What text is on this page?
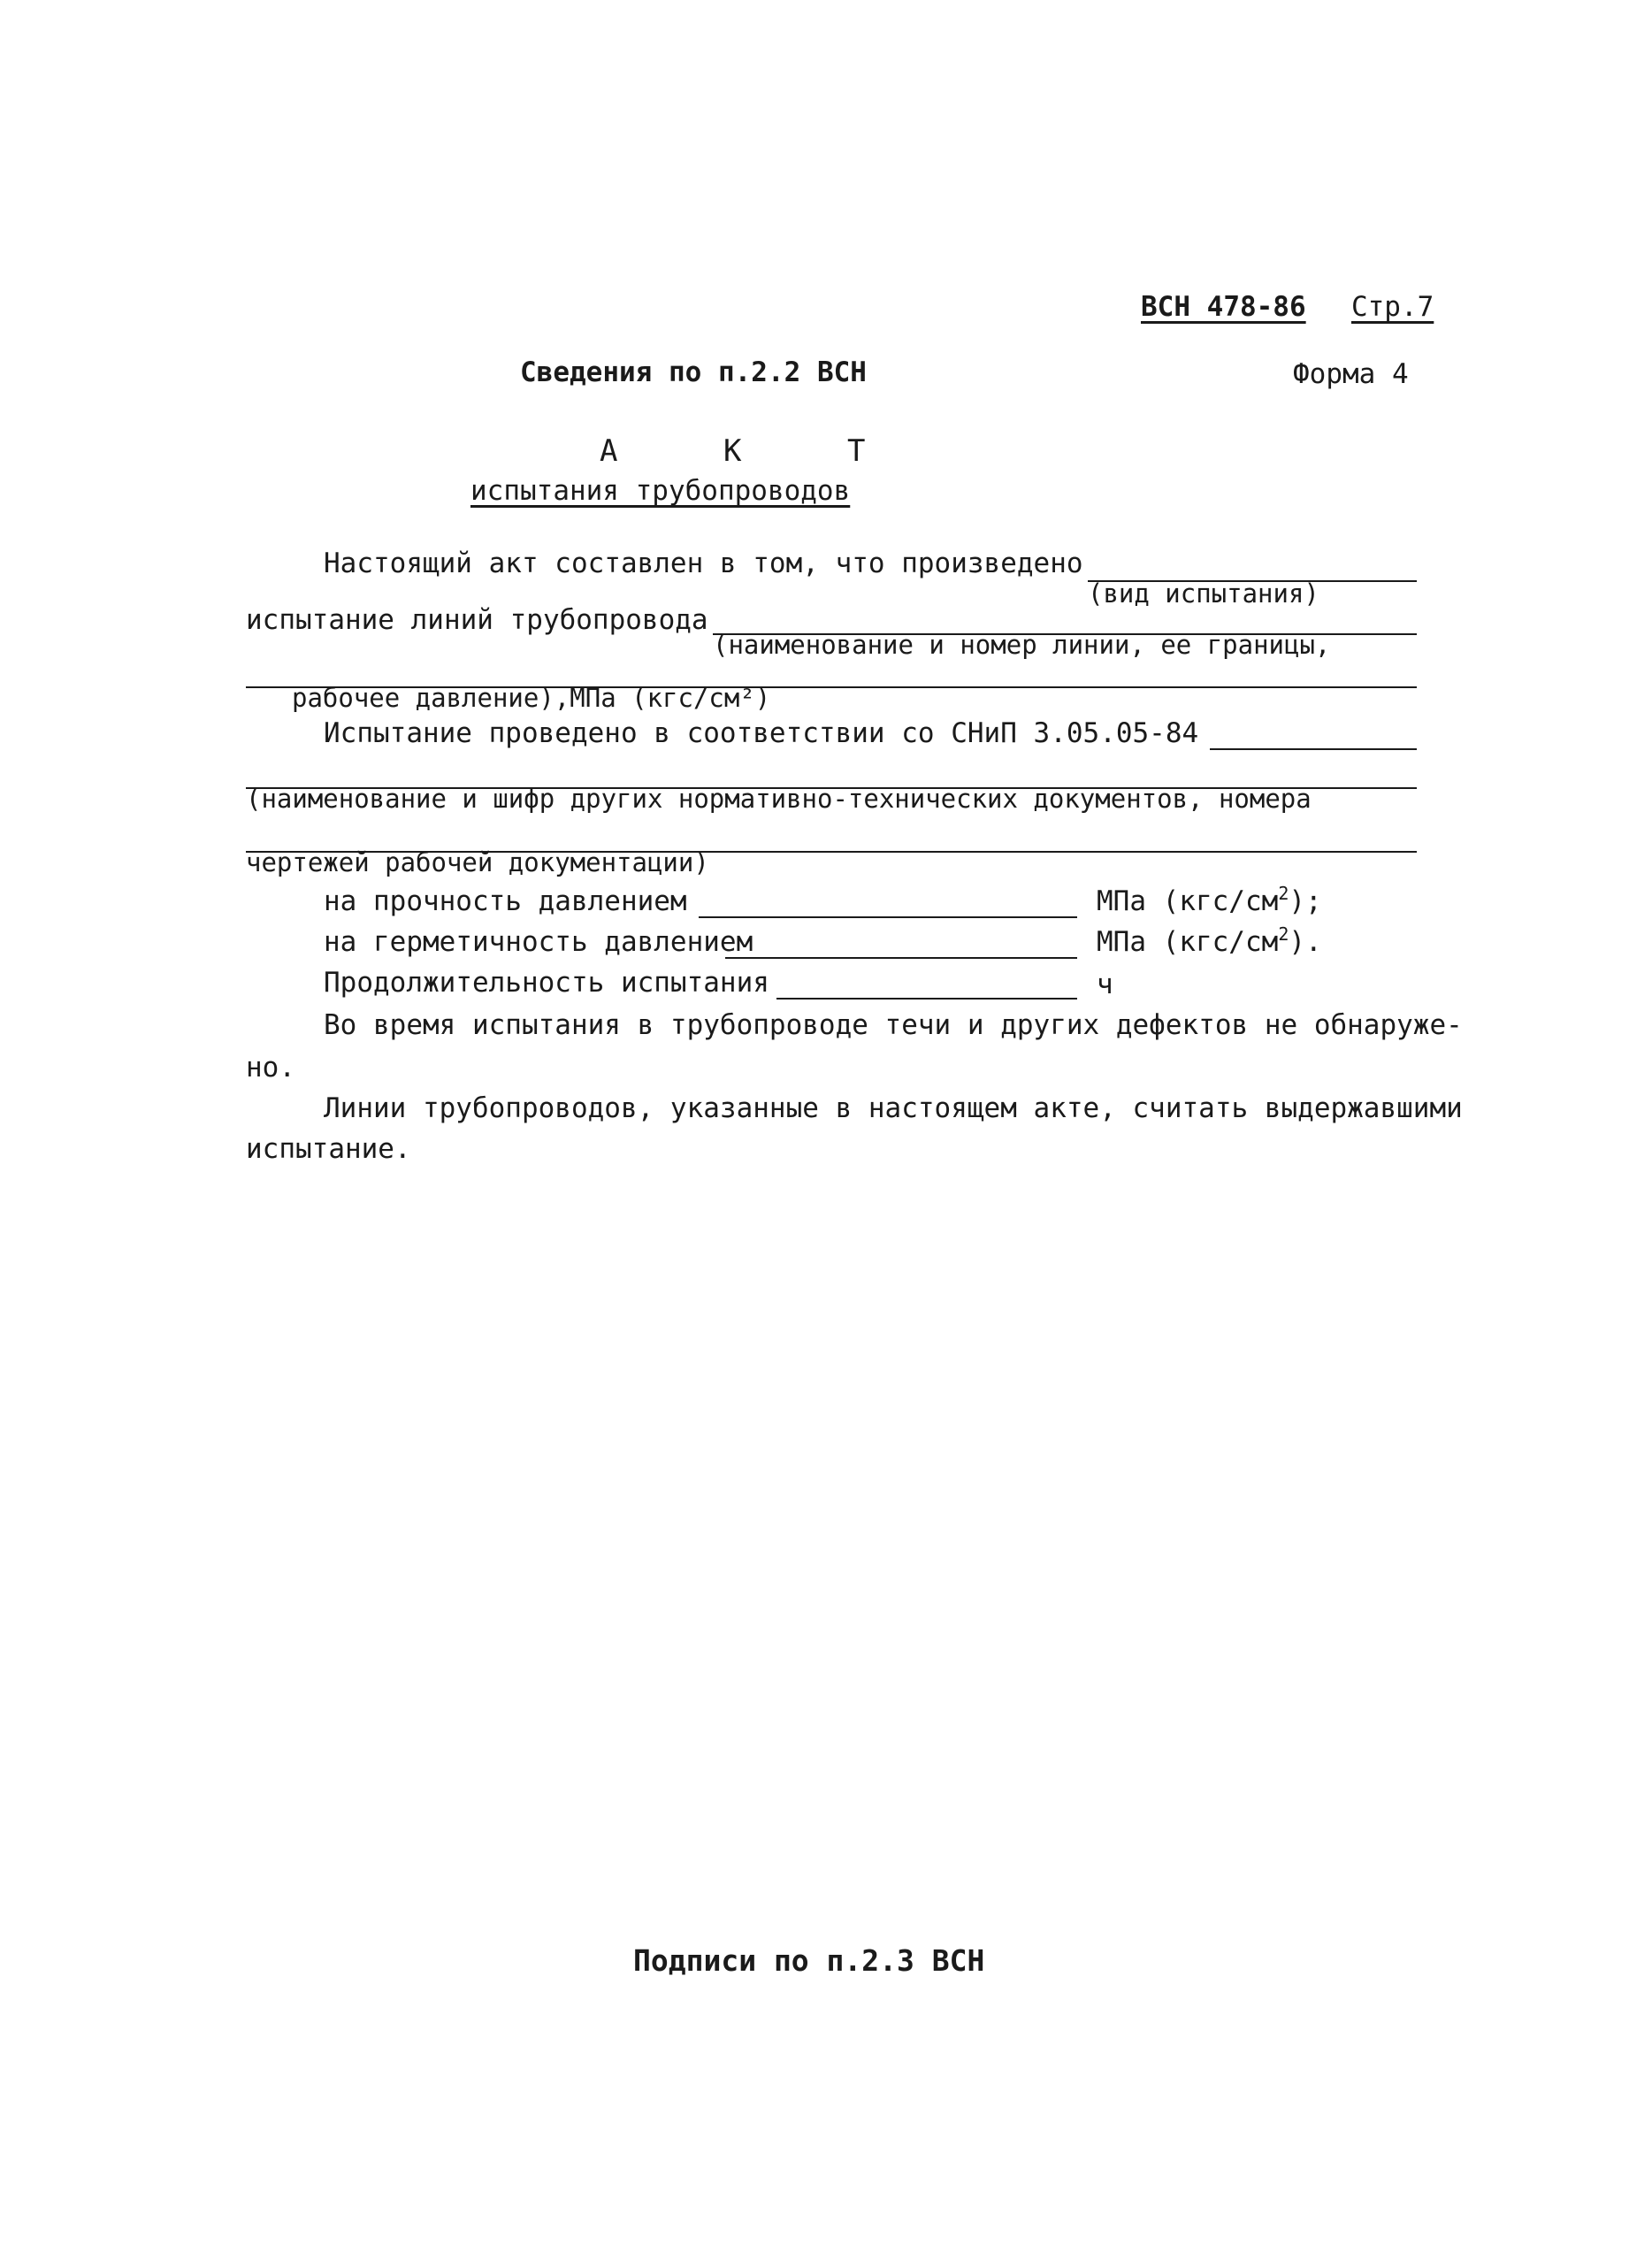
ВСН 478-86 Стр.7
Сведения по п.2.2 ВСН	Форма 4
А	К	Т
испытания трубопроводов
Настоящий акт составлен в том, что произведено
(вид испытания)
испытание линий трубопровода
(наименование и номер линии, ее границы,
рабочее давление),МПа (кгс/см²)
Испытание проведено в соответствии со СНиП 3.05.05-84
(наименование и шифр других нормативно-технических документов, номера
чертежей рабочей документации)
на прочность давлением	МПа $(кгс/см^2)$;
на герметичность давлением	МПа $(кгс/см^2)$.
Продолжительность испытания	ч
Во время испытания в трубопроводе течи и других дефектов не обнаруже-
но.
Линии трубопроводов, указанные в настоящем акте, считать выдержавшими
испытание.
Подписи по п.2.3 ВСН
